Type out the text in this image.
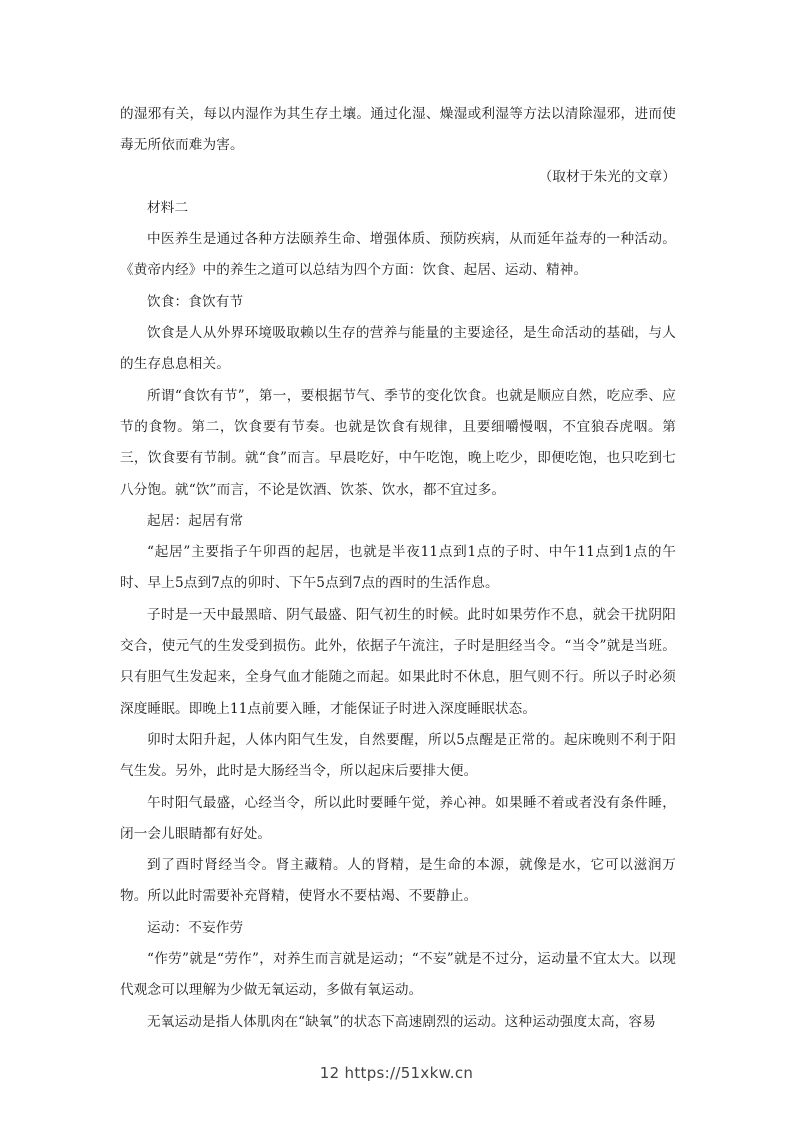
的湿邪有关，每以内湿作为其生存土壤。通过化湿、燥湿或利湿等方法以清除湿邪，进而使毒无所依而难为害。

（取材于朱光的文章）

材料二

中医养生是通过各种方法颐养生命、增强体质、预防疾病，从而延年益寿的一种活动。《黄帝内经》中的养生之道可以总结为四个方面：饮食、起居、运动、精神。

饮食：食饮有节

饮食是人从外界环境吸取赖以生存的营养与能量的主要途径，是生命活动的基础，与人的生存息息相关。

所谓“食饮有节”，第一，要根据节气、季节的变化饮食。也就是顺应自然，吃应季、应节的食物。第二，饮食要有节奏。也就是饮食有规律，且要细嚼慢咽，不宜狼吞虎咽。第三，饮食要有节制。就“食”而言。早晨吃好，中午吃饱，晚上吃少，即便吃饱，也只吃到七八分饱。就“饮”而言，不论是饮酒、饮茶、饮水，都不宜过多。

起居：起居有常

“起居”主要指子午卯酉的起居，也就是半夜11点到1点的子时、中午11点到1点的午时、早上5点到7点的卯时、下午5点到7点的酉时的生活作息。

子时是一天中最黑暗、阴气最盛、阳气初生的时候。此时如果劳作不息，就会干扰阴阳交合，使元气的生发受到损伤。此外，依据子午流注，子时是胆经当令。“当令”就是当班。只有胆气生发起来，全身气血才能随之而起。如果此时不休息，胆气则不行。所以子时必须深度睡眠。即晚上11点前要入睡，才能保证子时进入深度睡眠状态。

卯时太阳升起，人体内阳气生发，自然要醒，所以5点醒是正常的。起床晚则不利于阳气生发。另外，此时是大肠经当令，所以起床后要排大便。

午时阳气最盛，心经当令，所以此时要睡午觉，养心神。如果睡不着或者没有条件睡，闭一会儿眼睛都有好处。

到了酉时肾经当令。肾主藏精。人的肾精，是生命的本源，就像是水，它可以滋润万物。所以此时需要补充肾精，使肾水不要枯竭、不要静止。

运动：不妄作劳

“作劳”就是“劳作”，对养生而言就是运动；“不妄”就是不过分，运动量不宜太大。以现代观念可以理解为少做无氧运动，多做有氧运动。

无氧运动是指人体肌肉在“缺氧”的状态下高速剧烈的运动。这种运动强度太高，容易

12 https://51xkw.cn
